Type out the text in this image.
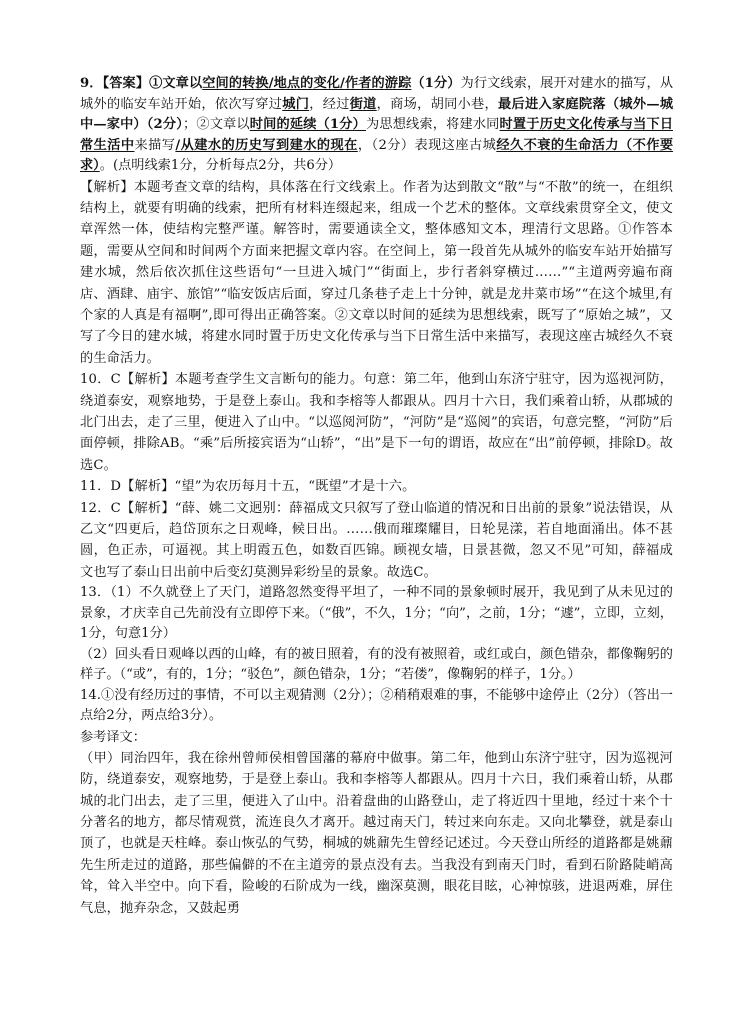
9．【答案】①文章以空间的转换/地点的变化/作者的游踪（1分）为行文线索，展开对建水的描写，从城外的临安车站开始，依次写穿过城门，经过街道，商场，胡同小巷，最后进入家庭院落（城外—城中—家中）（2分）；②文章以时间的延续（1分）为思想线索，将建水同时置于历史文化传承与当下日常生活中来描写/从建水的历史写到建水的现在，（2分）表现这座古城经久不衰的生命活力（不作要求）。(点明线索1分，分析每点2分，共6分）

【解析】本题考查文章的结构，具体落在行文线索上。作者为达到散文“散”与“不散”的统一，在组织结构上，就要有明确的线索，把所有材料连缀起来，组成一个艺术的整体。文章线索贯穿全文，使文章浑然一体，使结构完整严谨。解答时，需要通读全文，整体感知文本，理清行文思路。①作答本题，需要从空间和时间两个方面来把握文章内容。在空间上，第一段首先从城外的临安车站开始描写建水城，然后依次抓住这些语句“一旦进入城门”“街面上，步行者斜穿横过……”“主道两旁遍布商店、酒肆、庙宇、旅馆”“临安饭店后面，穿过几条巷子走上十分钟，就是龙井菜市场”“在这个城里,有个家的人真是有福啊”,即可得出正确答案。②文章以时间的延续为思想线索，既写了“原始之城”，又写了今日的建水城，将建水同时置于历史文化传承与当下日常生活中来描写，表现这座古城经久不衰的生命活力。

10．C【解析】本题考查学生文言断句的能力。句意：第二年，他到山东济宁驻守，因为巡视河防，绕道泰安，观察地势，于是登上泰山。我和李榕等人都跟从。四月十六日，我们乘着山轿，从郡城的北门出去，走了三里，便进入了山中。“以巡阅河防”，“河防”是“巡阅”的宾语，句意完整，“河防”后面停顿，排除AB。“乘”后所接宾语为“山轿”，“出”是下一句的谓语，故应在“出”前停顿，排除D。故选C。

11．D【解析】“望”为农历每月十五，“既望”才是十六。

12．C【解析】“薛、姚二文迥别：薛福成文只叙写了登山临道的情况和日出前的景象”说法错误，从乙文“四更后，趋岱顶东之日观峰，候日出。……俄而璀璨耀目，日轮晃漾，若自地面涌出。体不甚圆，色正赤，可逼视。其上明霞五色，如数百匹锦。顾视女墙，日景甚微，忽又不见”可知，薛福成文也写了泰山日出前中后变幻莫测异彩纷呈的景象。故选C。

13．（1）不久就登上了天门，道路忽然变得平坦了，一种不同的景象顿时展开，我见到了从未见过的景象，才庆幸自己先前没有立即停下来。（“俄”，不久，1分；“向”，之前，1分；“遽”，立即，立刻，1分，句意1分）

（2）回头看日观峰以西的山峰，有的被日照着，有的没有被照着，或红或白，颜色错杂，都像鞠躬的样子。（“或”，有的，1分；“驳色”，颜色错杂，1分；“若偻”，像鞠躬的样子，1分。）

14.①没有经历过的事情，不可以主观猜测（2分）；②稍稍艰难的事，不能够中途停止（2分）（答出一点给2分，两点给3分）。

参考译文：

（甲）同治四年，我在徐州曾师侯相曾国藩的幕府中做事。第二年，他到山东济宁驻守，因为巡视河防，绕道泰安，观察地势，于是登上泰山。我和李榕等人都跟从。四月十六日，我们乘着山轿，从郡城的北门出去，走了三里，便进入了山中。沿着盘曲的山路登山，走了将近四十里地，经过十来个十分著名的地方，都尽情观赏，流连良久才离开。越过南天门，转过来向东走。又向北攀登，就是泰山顶了，也就是天柱峰。泰山恢弘的气势，桐城的姚鼐先生曾经记述过。今天登山所经的道路都是姚鼐先生所走过的道路，那些偏僻的不在主道旁的景点没有去。当我没有到南天门时，看到石阶路陡峭高耸，耸入半空中。向下看，险峻的石阶成为一线，幽深莫测，眼花目眩，心神惊骇，进退两难，屏住气息，抛弃杂念，又鼓起勇
